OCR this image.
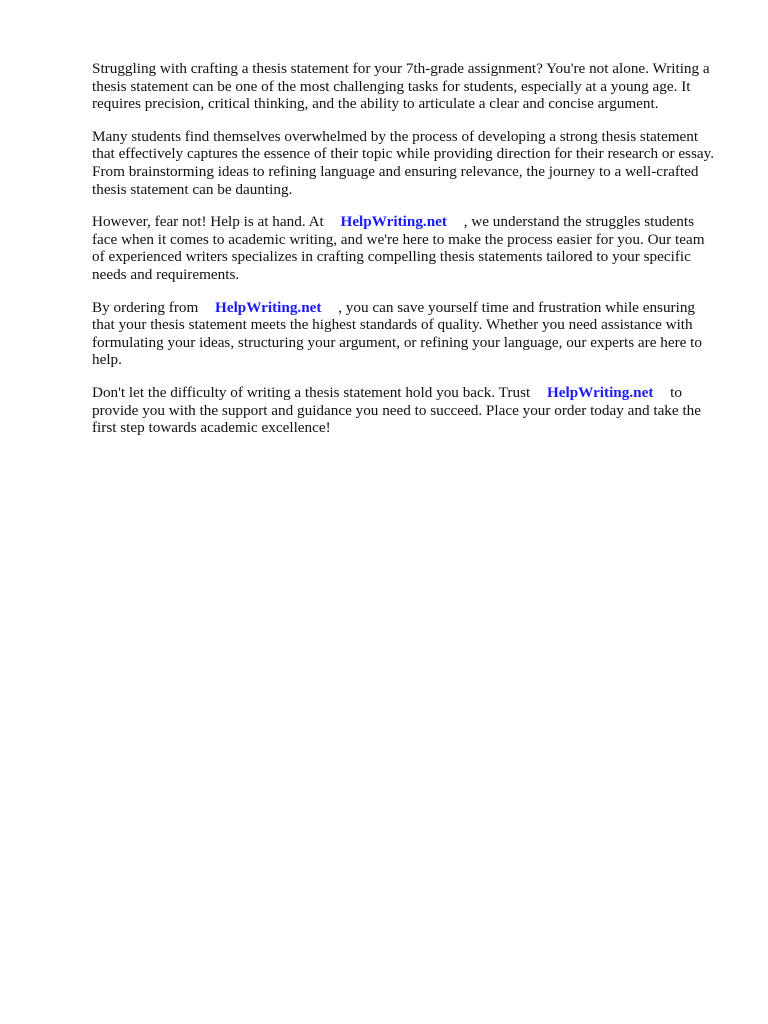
Struggling with crafting a thesis statement for your 7th-grade assignment? You're not alone. Writing a thesis statement can be one of the most challenging tasks for students, especially at a young age. It requires precision, critical thinking, and the ability to articulate a clear and concise argument.

Many students find themselves overwhelmed by the process of developing a strong thesis statement that effectively captures the essence of their topic while providing direction for their research or essay. From brainstorming ideas to refining language and ensuring relevance, the journey to a well-crafted thesis statement can be daunting.

However, fear not! Help is at hand. At HelpWriting.net , we understand the struggles students face when it comes to academic writing, and we're here to make the process easier for you. Our team of experienced writers specializes in crafting compelling thesis statements tailored to your specific needs and requirements.

By ordering from HelpWriting.net , you can save yourself time and frustration while ensuring that your thesis statement meets the highest standards of quality. Whether you need assistance with formulating your ideas, structuring your argument, or refining your language, our experts are here to help.

Don't let the difficulty of writing a thesis statement hold you back. Trust HelpWriting.net to provide you with the support and guidance you need to succeed. Place your order today and take the first step towards academic excellence!
